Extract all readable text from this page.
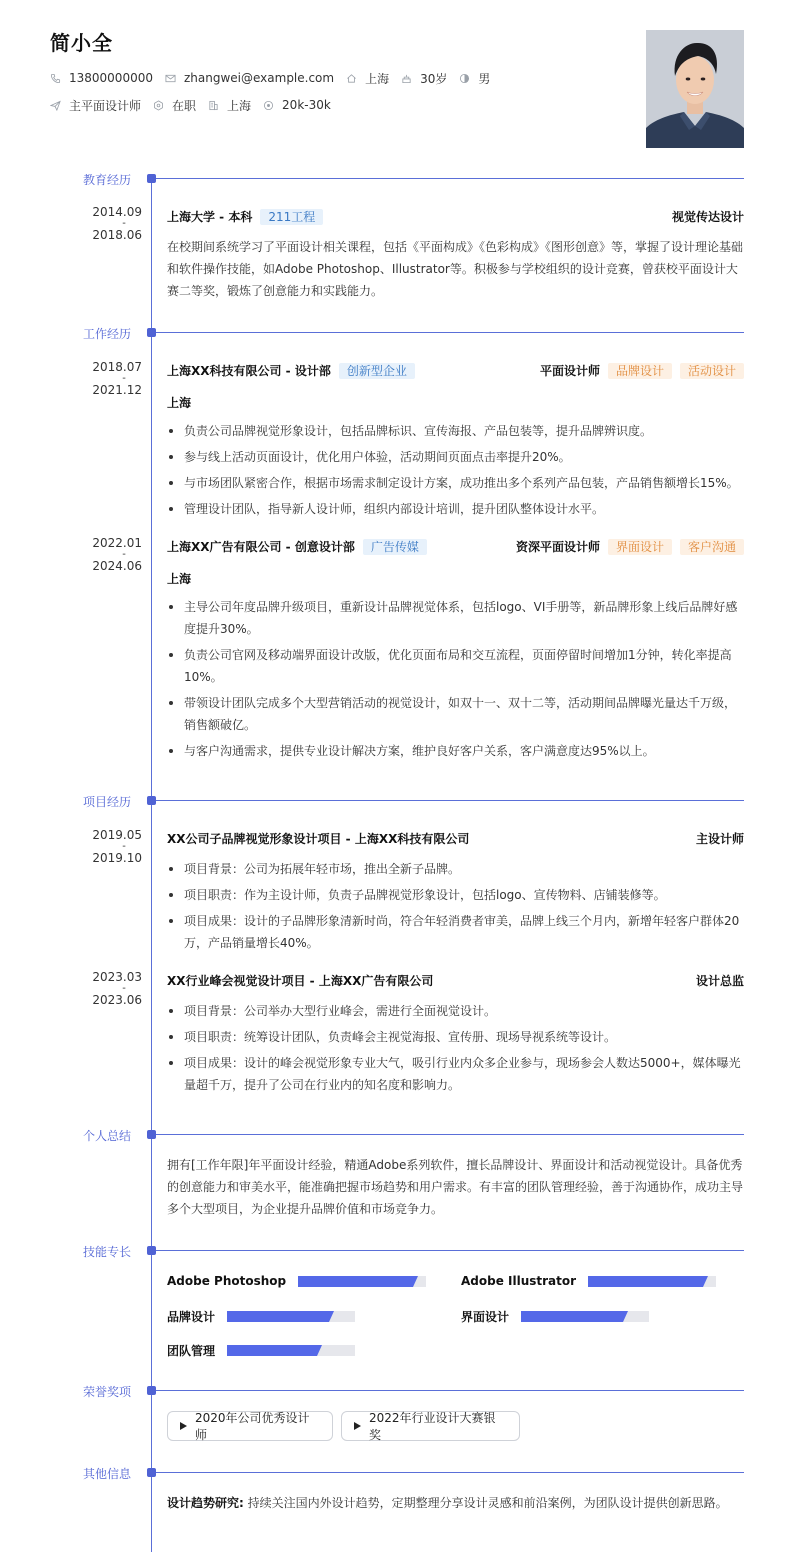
简小全
13800000000	zhangwei@example.com	上海	30岁	男
主平面设计师	在职	上海	20k-30k
教育经历
2014.09
-
2018.06
上海大学 - 本科	211工程	视觉传达设计
在校期间系统学习了平面设计相关课程，包括《平面构成》《色彩构成》《图形创意》等，掌握了设计理论基础和软件操作技能，如Adobe Photoshop、Illustrator等。积极参与学校组织的设计竞赛，曾获校平面设计大赛二等奖，锻炼了创意能力和实践能力。
工作经历
2018.07
-
2021.12
上海XX科技有限公司 - 设计部	创新型企业	平面设计师	品牌设计	活动设计
上海
负责公司品牌视觉形象设计，包括品牌标识、宣传海报、产品包装等，提升品牌辨识度。
参与线上活动页面设计，优化用户体验，活动期间页面点击率提升20%。
与市场团队紧密合作，根据市场需求制定设计方案，成功推出多个系列产品包装，产品销售额增长15%。
管理设计团队，指导新人设计师，组织内部设计培训，提升团队整体设计水平。
2022.01
-
2024.06
上海XX广告有限公司 - 创意设计部	广告传媒	资深平面设计师	界面设计	客户沟通
上海
主导公司年度品牌升级项目，重新设计品牌视觉体系，包括logo、VI手册等，新品牌形象上线后品牌好感度提升30%。
负责公司官网及移动端界面设计改版，优化页面布局和交互流程，页面停留时间增加1分钟，转化率提高10%。
带领设计团队完成多个大型营销活动的视觉设计，如双十一、双十二等，活动期间品牌曝光量达千万级，销售额破亿。
与客户沟通需求，提供专业设计解决方案，维护良好客户关系，客户满意度达95%以上。
项目经历
2019.05
-
2019.10
XX公司子品牌视觉形象设计项目 - 上海XX科技有限公司	主设计师
项目背景：公司为拓展年轻市场，推出全新子品牌。
项目职责：作为主设计师，负责子品牌视觉形象设计，包括logo、宣传物料、店铺装修等。
项目成果：设计的子品牌形象清新时尚，符合年轻消费者审美，品牌上线三个月内，新增年轻客户群体20万，产品销量增长40%。
2023.03
-
2023.06
XX行业峰会视觉设计项目 - 上海XX广告有限公司	设计总监
项目背景：公司举办大型行业峰会，需进行全面视觉设计。
项目职责：统筹设计团队，负责峰会主视觉海报、宣传册、现场导视系统等设计。
项目成果：设计的峰会视觉形象专业大气，吸引行业内众多企业参与，现场参会人数达5000+，媒体曝光量超千万，提升了公司在行业内的知名度和影响力。
个人总结
拥有[工作年限]年平面设计经验，精通Adobe系列软件，擅长品牌设计、界面设计和活动视觉设计。具备优秀的创意能力和审美水平，能准确把握市场趋势和用户需求。有丰富的团队管理经验，善于沟通协作，成功主导多个大型项目，为企业提升品牌价值和市场竞争力。
技能专长
Adobe Photoshop	Adobe Illustrator
品牌设计	界面设计
团队管理
荣誉奖项
2020年公司优秀设计师
2022年行业设计大赛银奖
其他信息
设计趋势研究: 持续关注国内外设计趋势，定期整理分享设计灵感和前沿案例，为团队设计提供创新思路。
